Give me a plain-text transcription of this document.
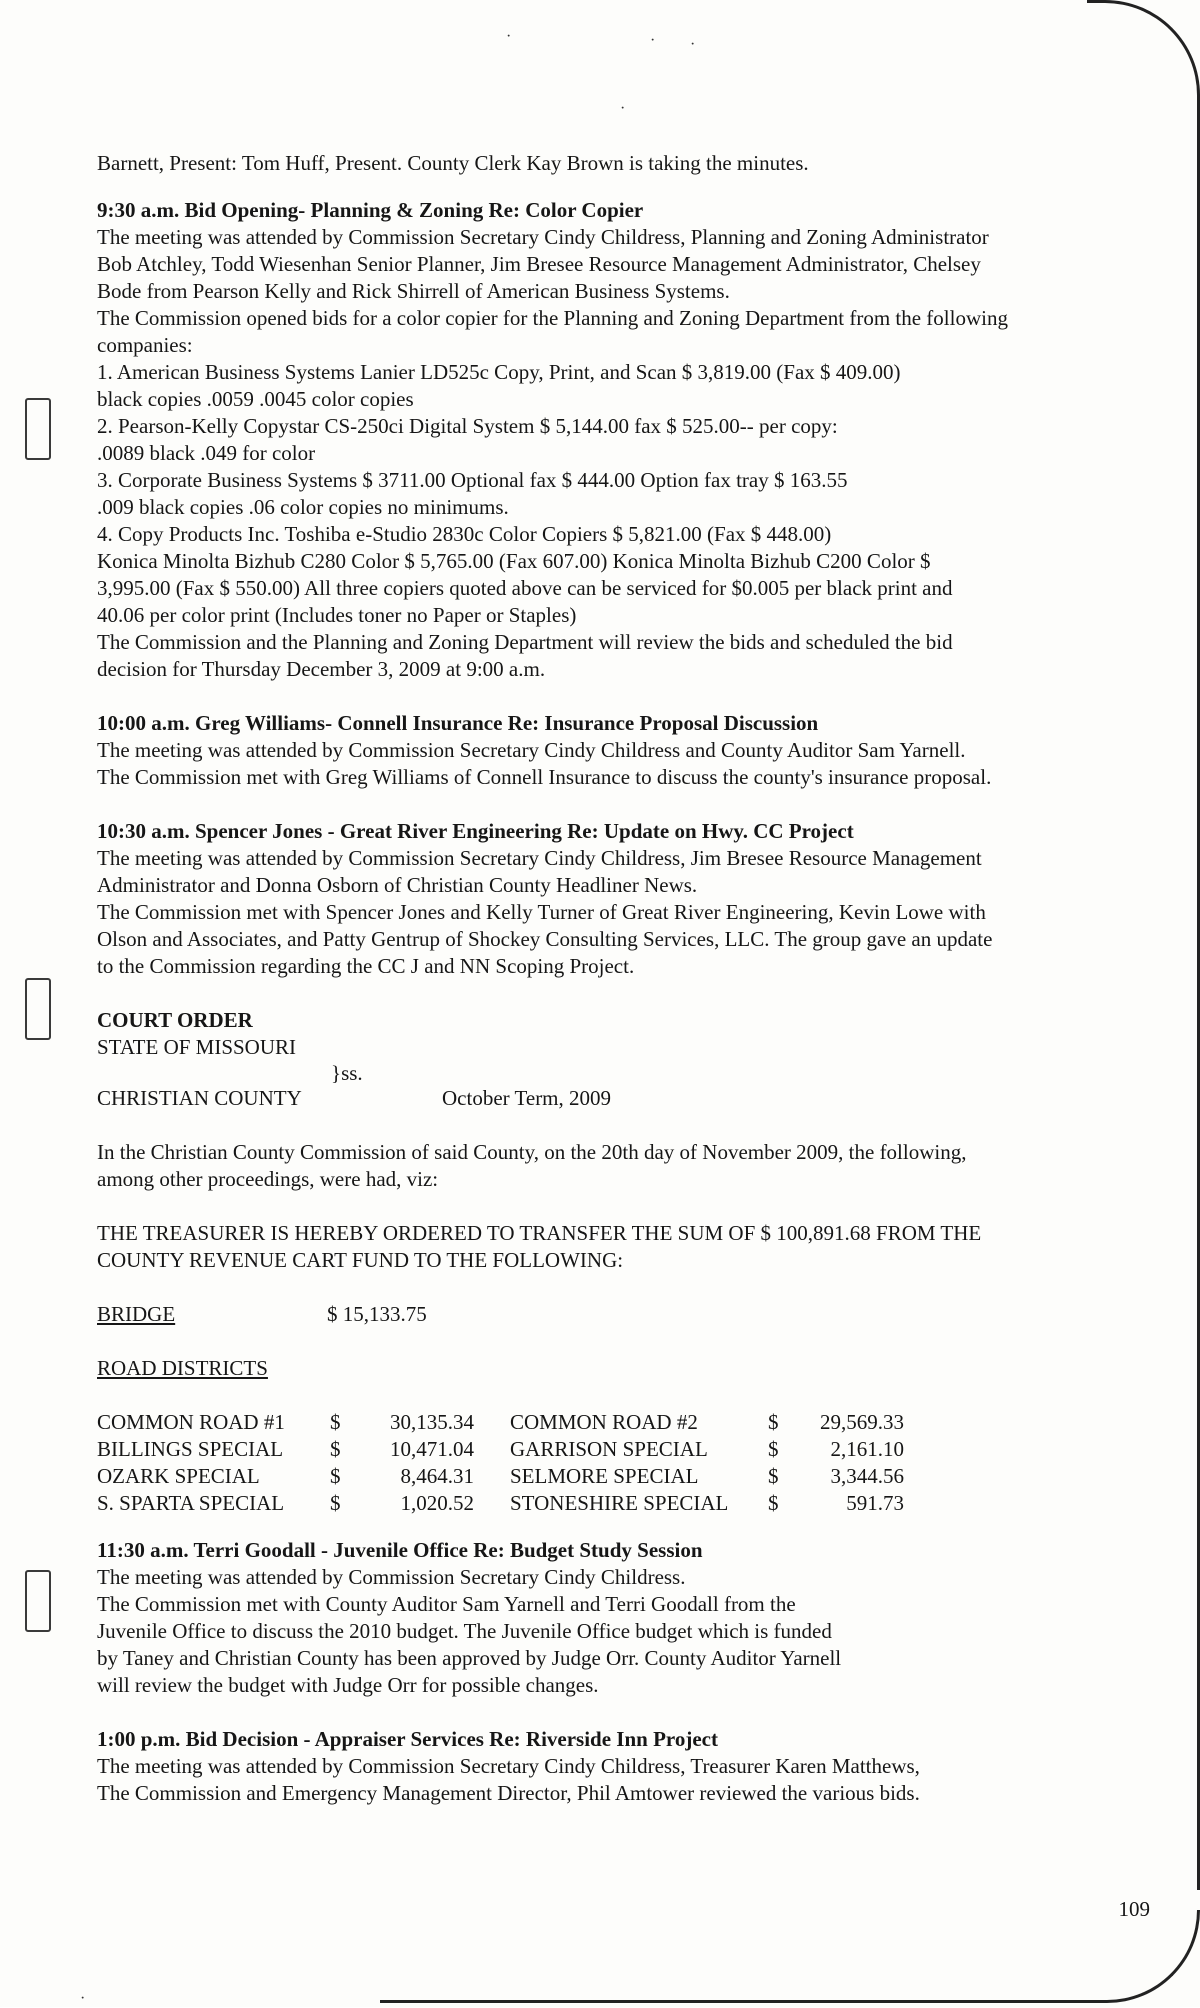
·	· ·
·
·

Barnett, Present: Tom Huff, Present. County Clerk Kay Brown is taking the minutes.

9:30 a.m. Bid Opening- Planning & Zoning Re: Color Copier

The meeting was attended by Commission Secretary Cindy Childress, Planning and Zoning Administrator

Bob Atchley, Todd Wiesenhan Senior Planner, Jim Bresee Resource Management Administrator, Chelsey

Bode from Pearson Kelly and Rick Shirrell of American Business Systems.

The Commission opened bids for a color copier for the Planning and Zoning Department from the following

companies:

1. American Business Systems Lanier LD525c Copy, Print, and Scan $ 3,819.00 (Fax $ 409.00)

black copies .0059 .0045 color copies

2. Pearson-Kelly Copystar CS-250ci Digital System $ 5,144.00 fax $ 525.00-- per copy:

.0089 black .049 for color

3. Corporate Business Systems $ 3711.00 Optional fax $ 444.00 Option fax tray $ 163.55

.009 black copies .06 color copies no minimums.

4. Copy Products Inc. Toshiba e-Studio 2830c Color Copiers $ 5,821.00 (Fax $ 448.00)

Konica Minolta Bizhub C280 Color $ 5,765.00 (Fax 607.00) Konica Minolta Bizhub C200 Color $

3,995.00 (Fax $ 550.00) All three copiers quoted above can be serviced for $0.005 per black print and

40.06 per color print (Includes toner no Paper or Staples)

The Commission and the Planning and Zoning Department will review the bids and scheduled the bid

decision for Thursday December 3, 2009 at 9:00 a.m.

10:00 a.m. Greg Williams- Connell Insurance Re: Insurance Proposal Discussion

The meeting was attended by Commission Secretary Cindy Childress and County Auditor Sam Yarnell.

The Commission met with Greg Williams of Connell Insurance to discuss the county's insurance proposal.

10:30 a.m. Spencer Jones - Great River Engineering Re: Update on Hwy. CC Project

The meeting was attended by Commission Secretary Cindy Childress, Jim Bresee Resource Management

Administrator and Donna Osborn of Christian County Headliner News.

The Commission met with Spencer Jones and Kelly Turner of Great River Engineering, Kevin Lowe with

Olson and Associates, and Patty Gentrup of Shockey Consulting Services, LLC. The group gave an update

to the Commission regarding the CC J and NN Scoping Project.

COURT ORDER

STATE OF MISSOURI

}ss.

CHRISTIAN COUNTY	October Term, 2009

In the Christian County Commission of said County, on the 20th day of November 2009, the following,

among other proceedings, were had, viz:

THE TREASURER IS HEREBY ORDERED TO TRANSFER THE SUM OF $ 100,891.68 FROM THE

COUNTY REVENUE CART FUND TO THE FOLLOWING:

BRIDGE	$ 15,133.75

ROAD DISTRICTS

COMMON ROAD #1	$	30,135.34	COMMON ROAD #2	$	29,569.33
BILLINGS SPECIAL	$	10,471.04	GARRISON SPECIAL	$	2,161.10
OZARK SPECIAL	$	8,464.31	SELMORE SPECIAL	$	3,344.56
S. SPARTA SPECIAL	$	1,020.52	STONESHIRE SPECIAL	$	591.73

11:30 a.m. Terri Goodall - Juvenile Office Re: Budget Study Session

The meeting was attended by Commission Secretary Cindy Childress.

The Commission met with County Auditor Sam Yarnell and Terri Goodall from the

Juvenile Office to discuss the 2010 budget. The Juvenile Office budget which is funded

by Taney and Christian County has been approved by Judge Orr. County Auditor Yarnell

will review the budget with Judge Orr for possible changes.

1:00 p.m. Bid Decision - Appraiser Services Re: Riverside Inn Project

The meeting was attended by Commission Secretary Cindy Childress, Treasurer Karen Matthews,

The Commission and Emergency Management Director, Phil Amtower reviewed the various bids.

109
